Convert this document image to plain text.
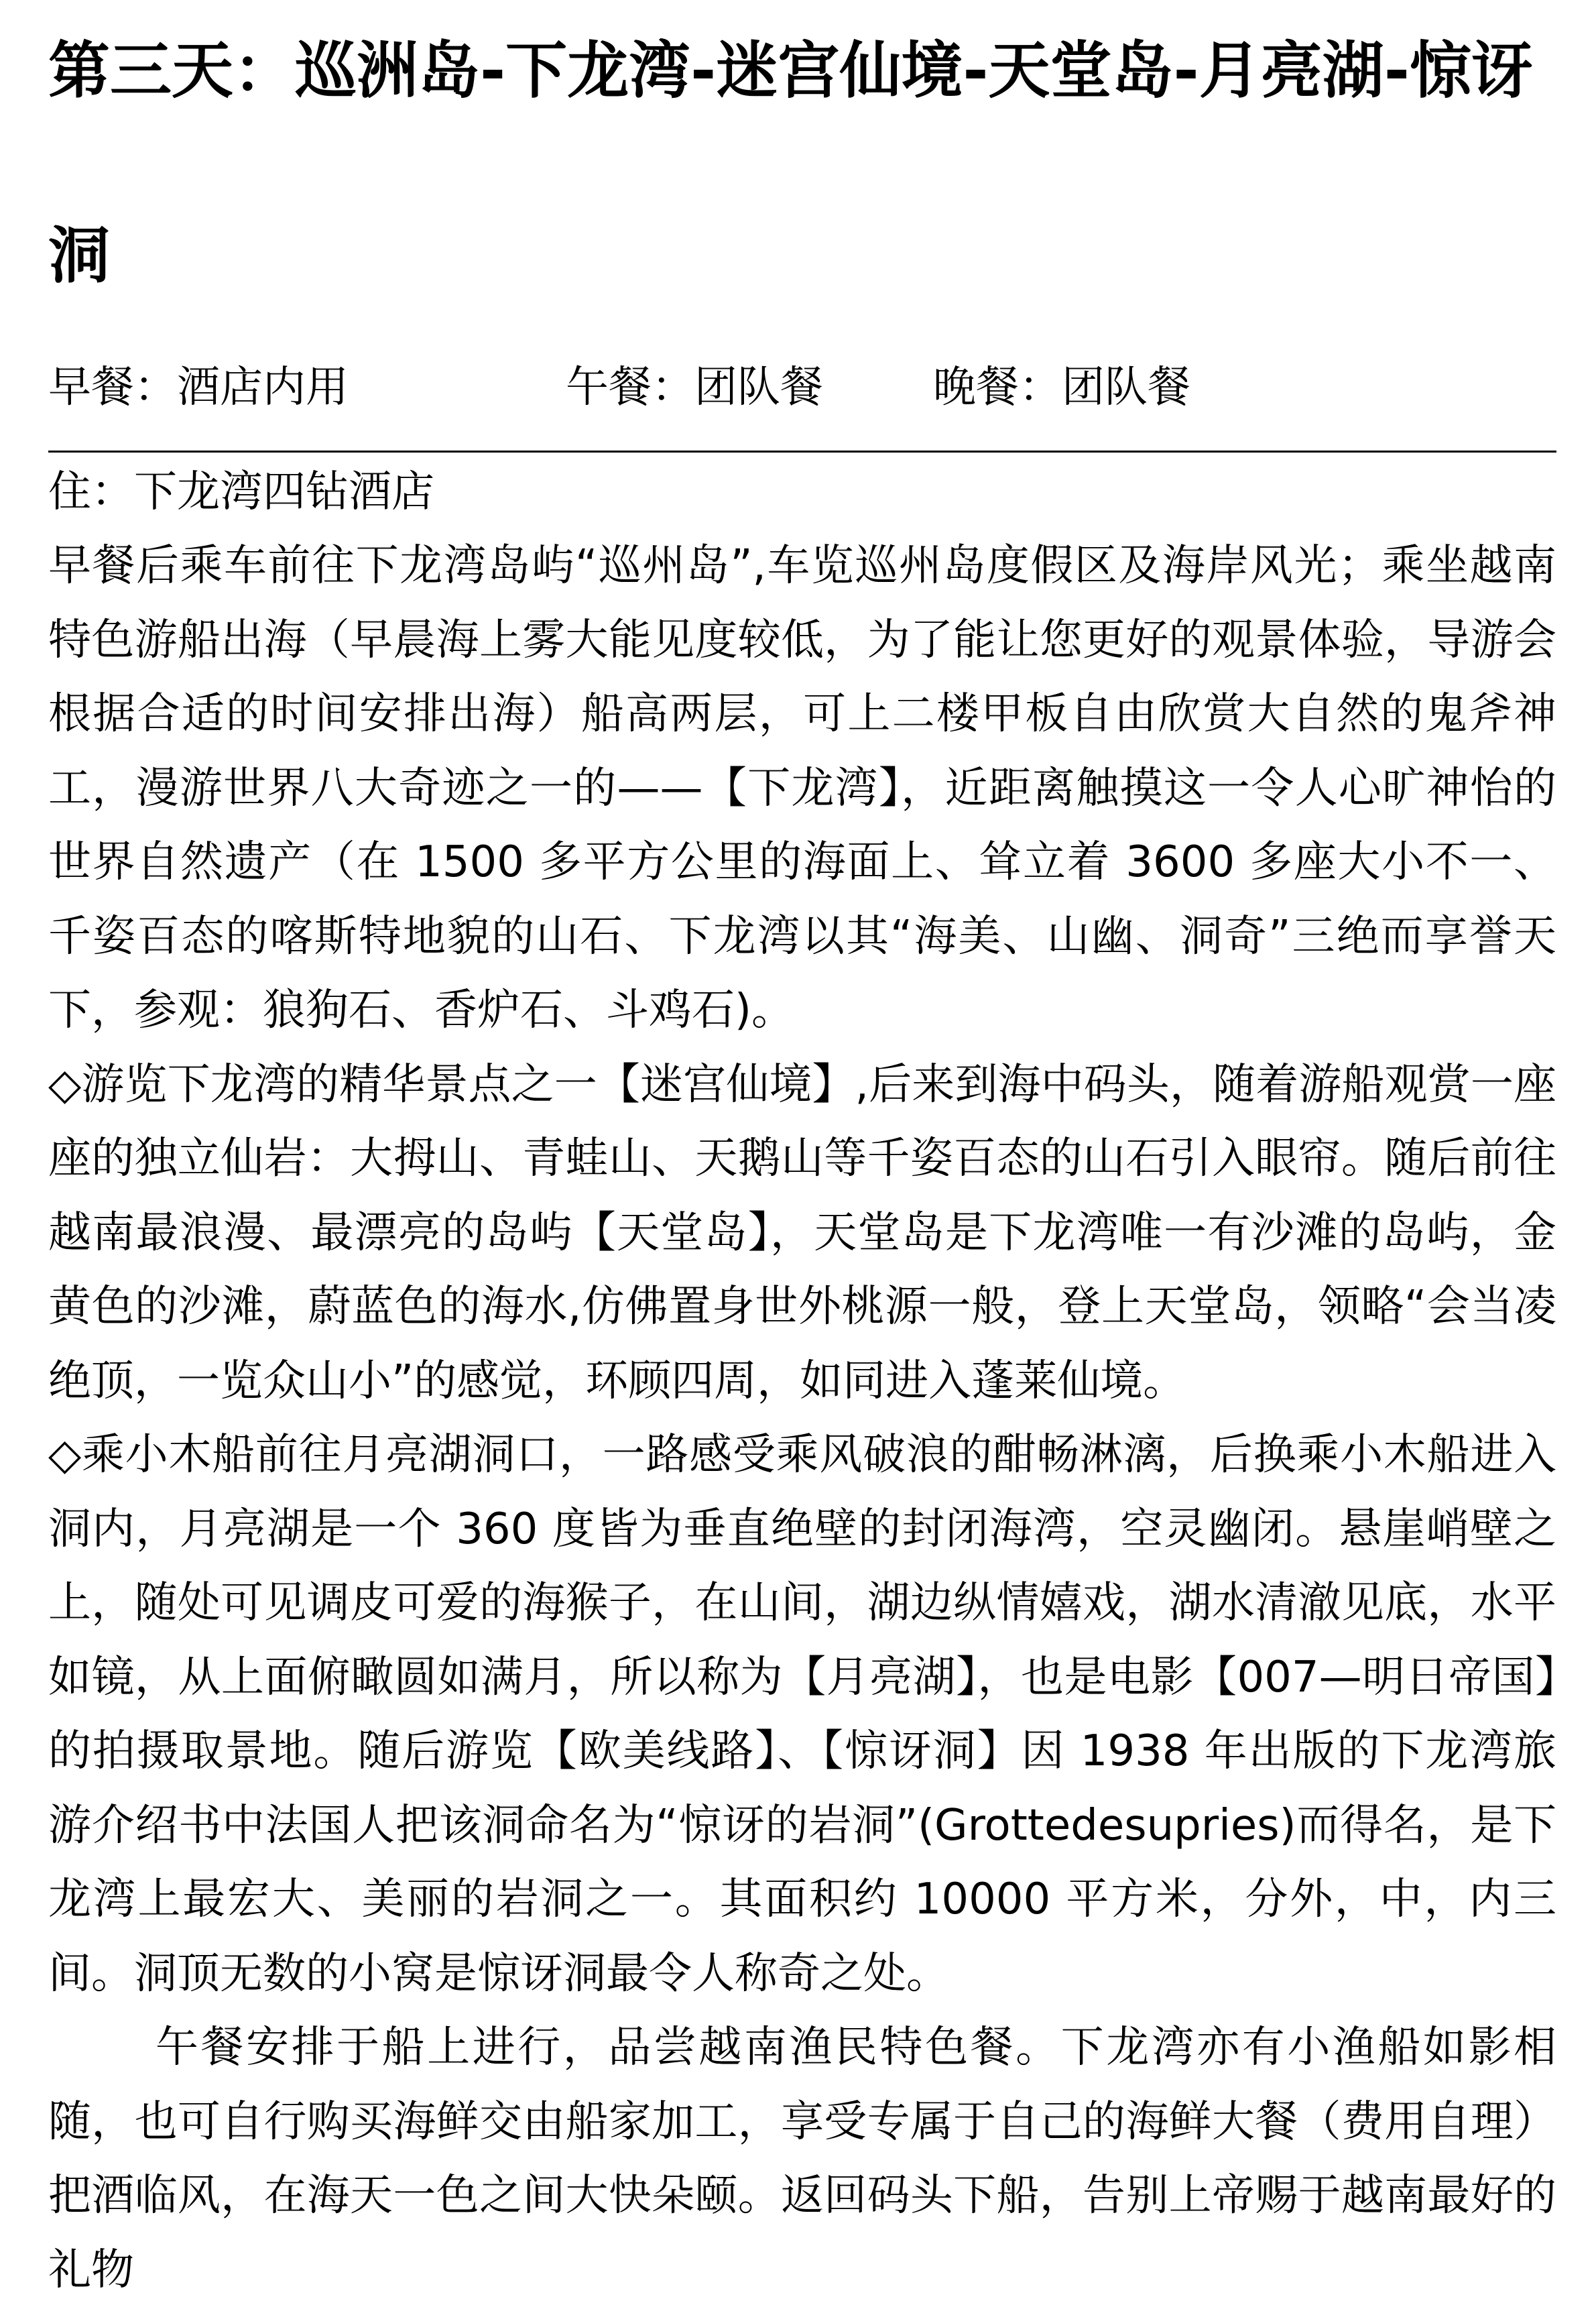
第三天：巡洲岛-下龙湾-迷宫仙境-天堂岛-月亮湖-惊讶洞
早餐：酒店内用	午餐：团队餐	晚餐：团队餐
住：下龙湾四钻酒店

早餐后乘车前往下龙湾岛屿“巡州岛”,车览巡州岛度假区及海岸风光；乘坐越南特色游船出海（早晨海上雾大能见度较低，为了能让您更好的观景体验，导游会根据合适的时间安排出海）船高两层，可上二楼甲板自由欣赏大自然的鬼斧神工，漫游世界八大奇迹之一的——【下龙湾】，近距离触摸这一令人心旷神怡的世界自然遗产（在 1500 多平方公里的海面上、耸立着 3600 多座大小不一、千姿百态的喀斯特地貌的山石、下龙湾以其“海美、山幽、洞奇”三绝而享誉天下，参观：狼狗石、香炉石、斗鸡石)。

◇游览下龙湾的精华景点之一【迷宫仙境】,后来到海中码头，随着游船观赏一座座的独立仙岩：大拇山、青蛙山、天鹅山等千姿百态的山石引入眼帘。随后前往越南最浪漫、最漂亮的岛屿【天堂岛】，天堂岛是下龙湾唯一有沙滩的岛屿，金黄色的沙滩，蔚蓝色的海水,仿佛置身世外桃源一般，登上天堂岛，领略“会当凌绝顶，一览众山小”的感觉，环顾四周，如同进入蓬莱仙境。

◇乘小木船前往月亮湖洞口，一路感受乘风破浪的酣畅淋漓，后换乘小木船进入洞内，月亮湖是一个 360 度皆为垂直绝壁的封闭海湾，空灵幽闭。悬崖峭壁之上，随处可见调皮可爱的海猴子，在山间，湖边纵情嬉戏，湖水清澈见底，水平如镜，从上面俯瞰圆如满月，所以称为【月亮湖】，也是电影【007—明日帝国】的拍摄取景地。随后游览【欧美线路】、【惊讶洞】因 1938 年出版的下龙湾旅游介绍书中法国人把该洞命名为“惊讶的岩洞”(Grottedesupries)而得名，是下龙湾上最宏大、美丽的岩洞之一。其面积约 10000 平方米，分外，中，内三间。洞顶无数的小窝是惊讶洞最令人称奇之处。

午餐安排于船上进行，品尝越南渔民特色餐。下龙湾亦有小渔船如影相随，也可自行购买海鲜交由船家加工，享受专属于自己的海鲜大餐（费用自理）把酒临风，在海天一色之间大快朵颐。返回码头下船，告别上帝赐于越南最好的礼物
